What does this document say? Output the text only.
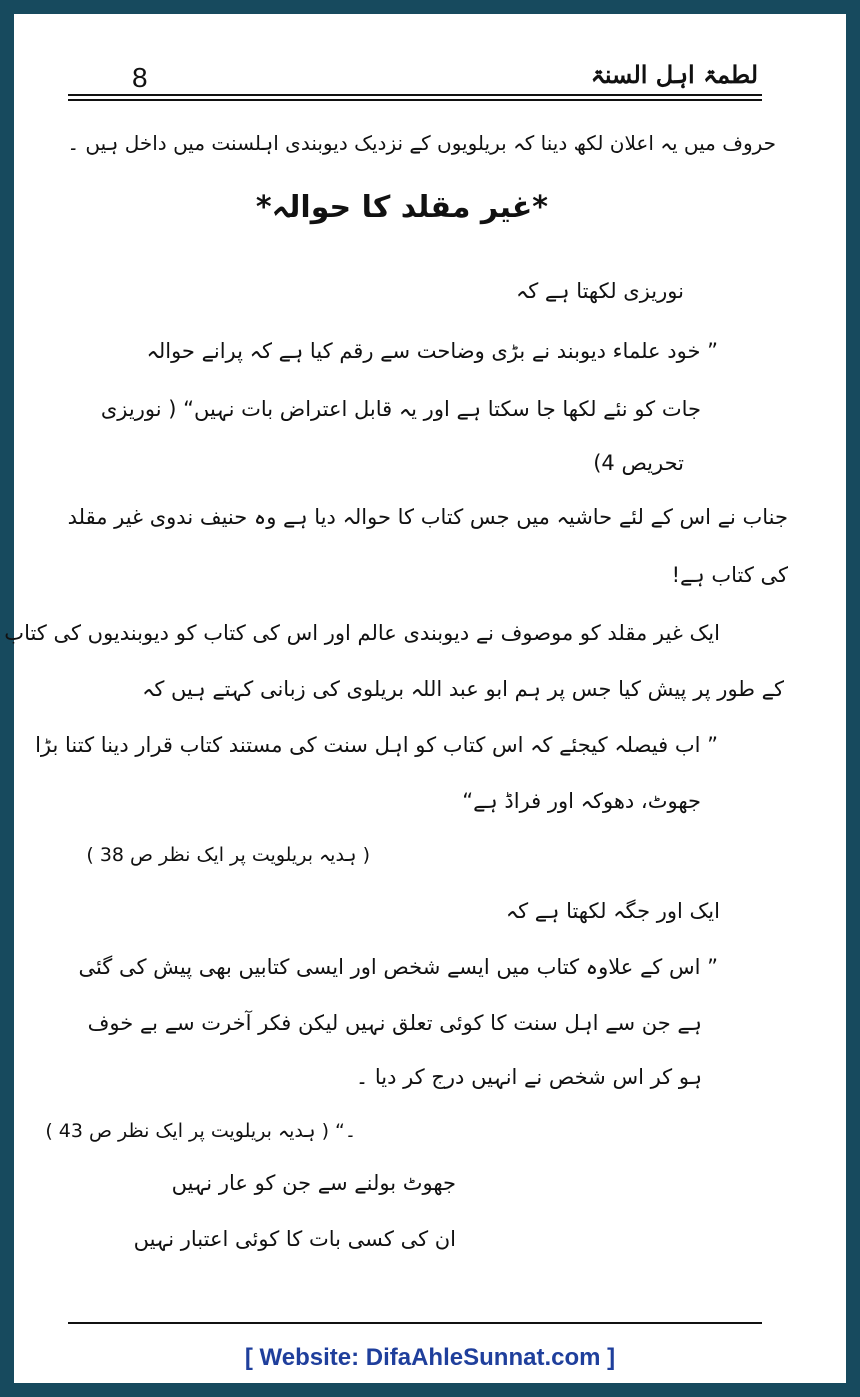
8	لطمۃ اہل السنۃ
حروف میں یہ اعلان لکھ دینا کہ بریلویوں کے نزدیک دیوبندی اہلسنت میں داخل ہیں ۔
*غیر مقلد کا حوالہ*
نوریزی لکھتا ہے کہ
” خود علماء دیوبند نے بڑی وضاحت سے رقم کیا ہے کہ پرانے حوالہ
جات کو نئے لکھا جا سکتا ہے اور یہ قابل اعتراض بات نہیں“ ( نوریزی
تحریص 4)
جناب نے اس کے لئے حاشیہ میں جس کتاب کا حوالہ دیا ہے وہ حنیف ندوی غیر مقلد
کی کتاب ہے!
ایک غیر مقلد کو موصوف نے دیوبندی عالم اور اس کی کتاب کو دیوبندیوں کی کتاب
کے طور پر پیش کیا جس پر ہم ابو عبد اللہ بریلوی کی زبانی کہتے ہیں کہ
” اب فیصلہ کیجئے کہ اس کتاب کو اہل سنت کی مستند کتاب قرار دینا کتنا بڑا
جھوٹ، دھوکہ اور فراڈ ہے“
( ہدیہ بریلویت پر ایک نظر ص 38 )
ایک اور جگہ لکھتا ہے کہ
” اس کے علاوہ کتاب میں ایسے شخص اور ایسی کتابیں بھی پیش کی گئی
ہے جن سے اہل سنت کا کوئی تعلق نہیں لیکن فکر آخرت سے بے خوف
ہو کر اس شخص نے انہیں درج کر دیا ۔
۔“ ( ہدیہ بریلویت پر ایک نظر ص 43 )
جھوٹ بولنے سے جن کو عار نہیں
ان کی کسی بات کا کوئی اعتبار نہیں
[ Website: DifaAhleSunnat.com ]
